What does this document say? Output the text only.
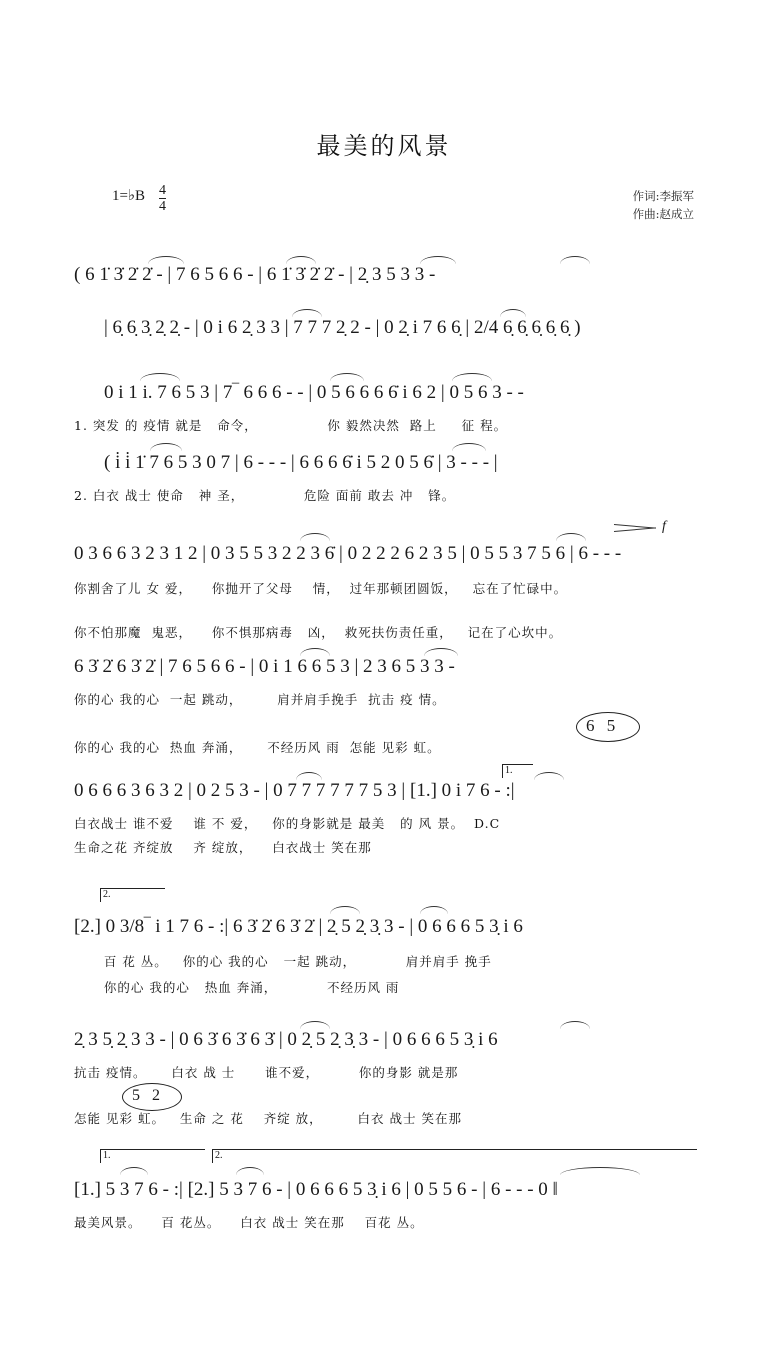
最美的风景
1=♭B $\frac{4}{4}$	作词:李振军
作曲:赵成立
( 6 1̇ 3̇ 2̇ 2̇ - | 7 6 5 6 6 - | 6 1̇ 3̇ 2̇ 2̇ - | 2̣ 3 5 3 3 -
| 6̣ 6̣ 3̣ 2̣ 2̣ - | 0 i 6 2̣ 3 3 | 7 7 7 2̣ 2 - | 0 2̣ i 7 6 6̣ | 2/4 6̣ 6̣ 6̣ 6̣ 6̣ )
0 i 1 i. 7 6 5 3 | 7‾ 6 6 6 - - | 0 5 6 6 6 6̇ i 6 2 | 0 5 6 3 - -
1. 突发 的 疫情 就是   命令，              你 毅然决然  路上     征 程。
( i̇ i̇ 1̇ 7 6 5 3 0 7 | 6 - - - | 6 6 6 6̇ i 5 2 0 5 6̇ | 3 - - - |
2. 白衣 战士 使命   神 圣，            危险 面前 敢去 冲   锋。
f
0 3 6 6 3 2 3 1 2 | 0 3 5 5 3 2 2 3 6̇ | 0 2 2 2 6 2 3 5 | 0 5 5 3 7 5 6 | 6 - - -
你割舍了儿 女 爱，    你抛开了父母    情，  过年那顿团圆饭，   忘在了忙碌中。
你不怕那魔  鬼恶，    你不惧那病毒   凶，  救死扶伤责任重，   记在了心坎中。
6 3̇ 2̇ 6 3̇ 2̇ | 7 6 5 6 6 - | 0 i 1 6 6 5 3 | 2 3 6 5 3 3 -
你的心 我的心  一起 跳动，       肩并肩手挽手  抗击 疫 情。
6 5
你的心 我的心  热血 奔涌，     不经历风 雨  怎能 见彩 虹。
1.
0 6 6 6 3 6 3 2 | 0 2 5 3 - | 0 7 7 7 7 7 7 5 3 | [1.] 0 i 7 6 - :|
白衣战士 谁不爱    谁 不 爱，   你的身影就是 最美   的 风 景。  D.C
生命之花 齐绽放    齐 绽放，    白衣战士 笑在那
2.
[2.] 0 3/8‾ i 1 7 6 - :| 6 3̇ 2̇ 6 3̇ 2̇ | 2̣ 5 2̣ 3̣ 3 - | 0 6 6 6 5 3̣ i 6
百 花 丛。   你的心 我的心   一起 跳动，          肩并肩手 挽手
你的心 我的心   热血 奔涌，          不经历风 雨
2̣ 3 5̣ 2̣ 3 3 - | 0 6 3̇ 6 3̇ 6 3̇ | 0 2̣ 5 2̣ 3̣ 3 - | 0 6 6 6 5 3̣ i 6
抗击 疫情。     白衣 战 士      谁不爱，        你的身影 就是那
5 2
怎能 见彩 虹。   生命 之 花    齐绽 放，       白衣 战士 笑在那
1.	2.
[1.] 5 3 7 6 - :| [2.] 5 3 7 6 - | 0 6 6 6 5 3̣ i 6 | 0 5 5 6 - | 6 - - - 0 ‖
最美风景。    百 花丛。    白衣 战士 笑在那    百花 丛。
